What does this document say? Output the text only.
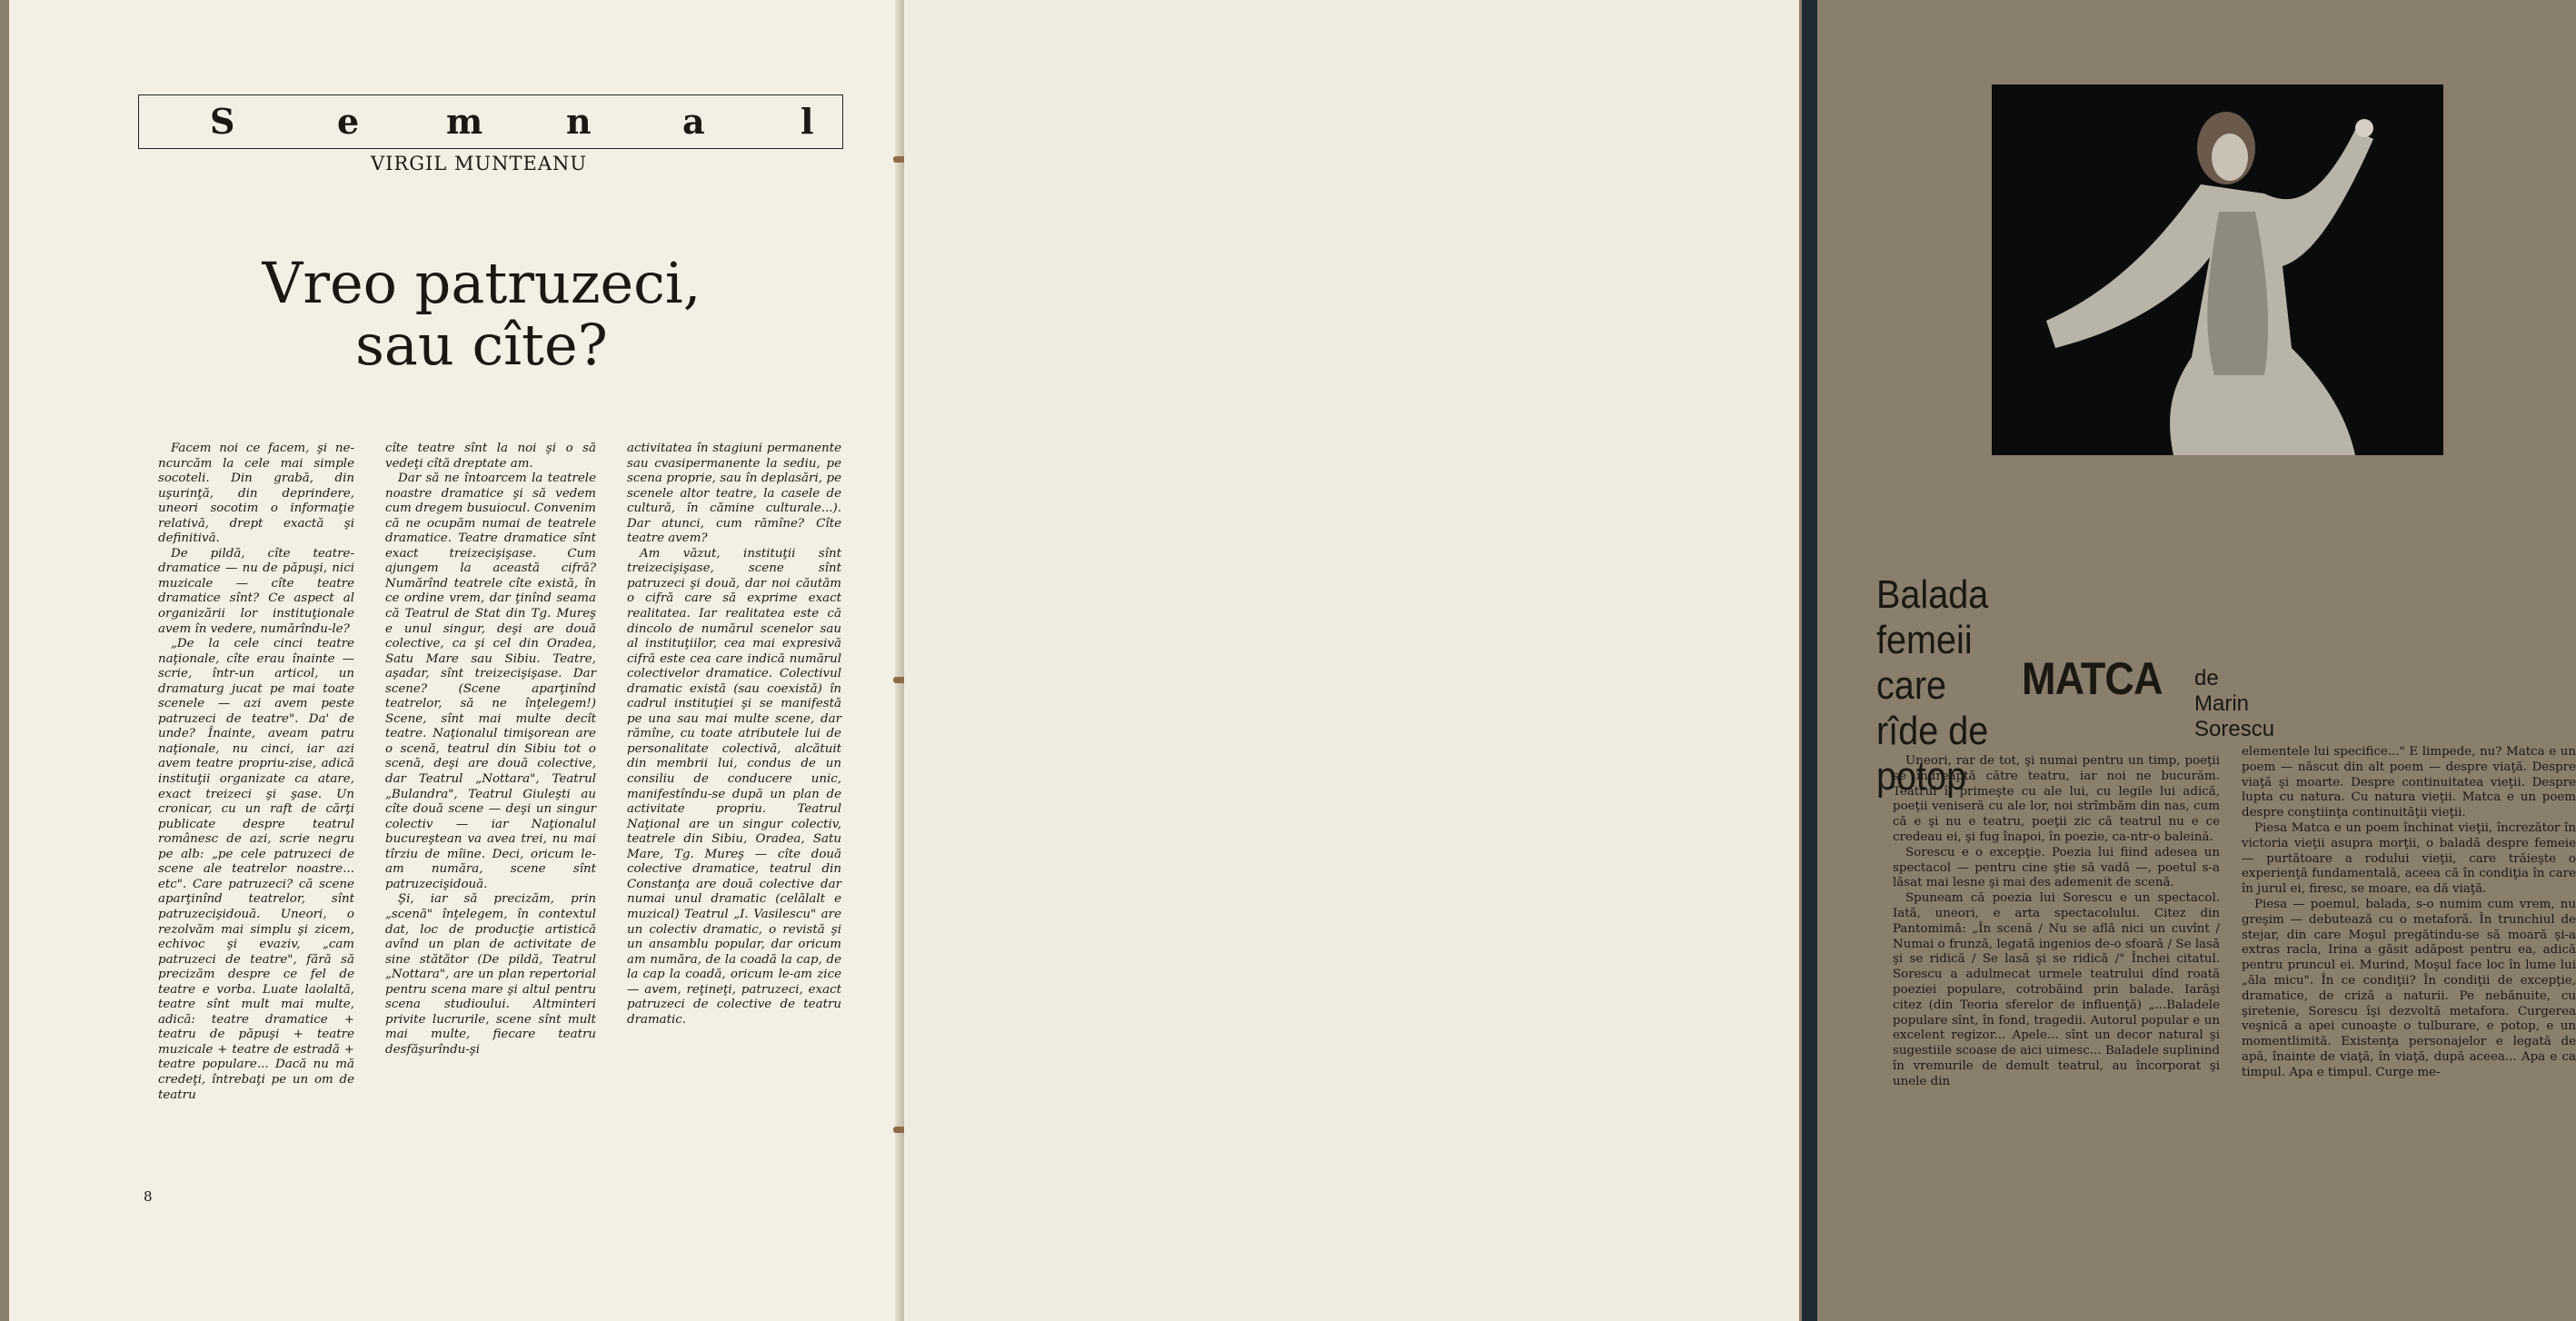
S	e	m n	a	l
VIRGIL MUNTEANU
Vreo patruzeci,
sau cîte?

Facem noi ce facem, şi ne-ncurcăm la cele mai simple socoteli. Din grabă, din uşurinţă, din deprindere, uneori socotim o informaţie relativă, drept exactă şi definitivă.

De pildă, cîte teatre-dramatice — nu de păpuşi, nici muzicale — cîte teatre dramatice sînt? Ce aspect al organizării lor instituţionale avem în vedere, numărîndu-le?

„De la cele cinci teatre naţionale, cîte erau înainte — scrie, într-un articol, un dramaturg jucat pe mai toate scenele — azi avem peste patruzeci de teatre". Da' de unde? Înainte, aveam patru naţionale, nu cinci, iar azi avem teatre propriu-zise, adică instituţii organizate ca atare, exact treizeci şi şase. Un cronicar, cu un raft de cărţi publicate despre teatrul românesc de azi, scrie negru pe alb: „pe cele patruzeci de scene ale teatrelor noastre... etc". Care patruzeci? că scene aparţinînd teatrelor, sînt patruzecişidouă. Uneori, o rezolvăm mai simplu şi zicem, echivoc şi evaziv, „cam patruzeci de teatre", fără să precizăm despre ce fel de teatre e vorba. Luate laolaltă, teatre sînt mult mai multe, adică: teatre dramatice + teatru de păpuşi + teatre muzicale + teatre de estradă + teatre populare... Dacă nu mă credeţi, întrebaţi pe un om de teatru

cîte teatre sînt la noi şi o să vedeţi cîtă dreptate am.

Dar să ne întoarcem la teatrele noastre dramatice şi să vedem cum dregem busuiocul. Convenim că ne ocupăm numai de teatrele dramatice. Teatre dramatice sînt exact treizecişişase. Cum ajungem la această cifră? Numărînd teatrele cîte există, în ce ordine vrem, dar ţinînd seama că Teatrul de Stat din Tg. Mureş e unul singur, deşi are două colective, ca şi cel din Oradea, Satu Mare sau Sibiu. Teatre, aşadar, sînt treizecişişase. Dar scene? (Scene aparţinînd teatrelor, să ne înţelegem!) Scene, sînt mai multe decît teatre. Naţionalul timişorean are o scenă, teatrul din Sibiu tot o scenă, deşi are două colective, dar Teatrul „Nottara", Teatrul „Bulandra", Teatrul Giuleşti au cîte două scene — deşi un singur colectiv — iar Naţionalul bucureştean va avea trei, nu mai tîrziu de mîine. Deci, oricum le-am număra, scene sînt patruzecişidouă.

Şi, iar să precizăm, prin „scenă" înţelegem, în contextul dat, loc de producţie artistică avînd un plan de activitate de sine stătător (De pildă, Teatrul „Nottara", are un plan repertorial pentru scena mare şi altul pentru scena studioului. Altminteri privite lucrurile, scene sînt mult mai multe, fiecare teatru desfăşurîndu-şi

activitatea în stagiuni permanente sau cvasipermanente la sediu, pe scena proprie, sau în deplasări, pe scenele altor teatre, la casele de cultură, în cămine culturale...). Dar atunci, cum rămîne? Cîte teatre avem?

Am văzut, instituţii sînt treizecişişase, scene sînt patruzeci şi două, dar noi căutăm o cifră care să exprime exact realitatea. Iar realitatea este că dincolo de numărul scenelor sau al instituţiilor, cea mai expresivă cifră este cea care indică numărul colectivelor dramatice. Colectivul dramatic există (sau coexistă) în cadrul instituţiei şi se manifestă pe una sau mai multe scene, dar rămîne, cu toate atributele lui de personalitate colectivă, alcătuit din membrii lui, condus de un consiliu de conducere unic, manifestîndu-se după un plan de activitate propriu. Teatrul Naţional are un singur colectiv, teatrele din Sibiu, Oradea, Satu Mare, Tg. Mureş — cîte două colective dramatice, teatrul din Constanţa are două colective dar numai unul dramatic (celălalt e muzical) Teatrul „I. Vasilescu" are un colectiv dramatic, o revistă şi un ansamblu popular, dar oricum am număra, de la coadă la cap, de la cap la coadă, oricum le-am zice — avem, reţineţi, patruzeci, exact patruzeci de colective de teatru dramatic.

8
Balada femeii care rîde de potop
MATCA de Marin Sorescu

Uneori, rar de tot, şi numai pentru un timp, poeţii se îndreaptă către teatru, iar noi ne bucurăm. Teatrul îi primeşte cu ale lui, cu legile lui adică, poeţii veniseră cu ale lor, noi strîmbăm din nas, cum că e şi nu e teatru, poeţii zic că teatrul nu e ce credeau ei, şi fug înapoi, în poezie, ca-ntr-o baleină.

Sorescu e o excepţie. Poezia lui fiind adesea un spectacol — pentru cine ştie să vadă —, poetul s-a lăsat mai lesne şi mai des ademenit de scenă.

Spuneam că poezia lui Sorescu e un spectacol. Iată, uneori, e arta spectacolului. Citez din Pantomimă: „În scenă / Nu se află nici un cuvînt / Numai o frunză, legată ingenios de-o sfoară / Se lasă şi se ridică / Se lasă şi se ridică /" Închei citatul. Sorescu a adulmecat urmele teatrului dînd roată poeziei populare, cotrobăind prin balade. Iarăşi citez (din Teoria sferelor de influenţă) „...Baladele populare sînt, în fond, tragedii. Autorul popular e un excelent regizor... Apele... sînt un decor natural şi sugestiile scoase de aici uimesc... Baladele suplinind în vremurile de demult teatrul, au încorporat şi unele din

elementele lui specifice..." E limpede, nu? Matca e un poem — născut din alt poem — despre viaţă. Despre viaţă şi moarte. Despre continuitatea vieţii. Despre lupta cu natura. Cu natura vieţii. Matca e un poem despre conştiinţa continuităţii vieţii.

Piesa Matca e un poem închinat vieţii, încrezător în victoria vieţii asupra morţii, o baladă despre femeie — purtătoare a rodului vieţii, care trăieşte o experienţă fundamentală, aceea că în condiţia în care în jurul ei, firesc, se moare, ea dă viaţă.

Piesa — poemul, balada, s-o numim cum vrem, nu greşim — debutează cu o metaforă. În trunchiul de stejar, din care Moşul pregătindu-se să moară şi-a extras racla, Irina a găsit adăpost pentru ea, adică pentru pruncul ei. Murind, Moşul face loc în lume lui „ăla micu". În ce condiţii? În condiţii de excepţie, dramatice, de criză a naturii. Pe nebănuite, cu şiretenie, Sorescu îşi dezvoltă metafora. Curgerea veşnică a apei cunoaşte o tulburare, e potop, e un momentlimită. Existenţa personajelor e legată de apă, înainte de viaţă, în viaţă, după aceea... Apa e ca timpul. Apa e timpul. Curge me-
